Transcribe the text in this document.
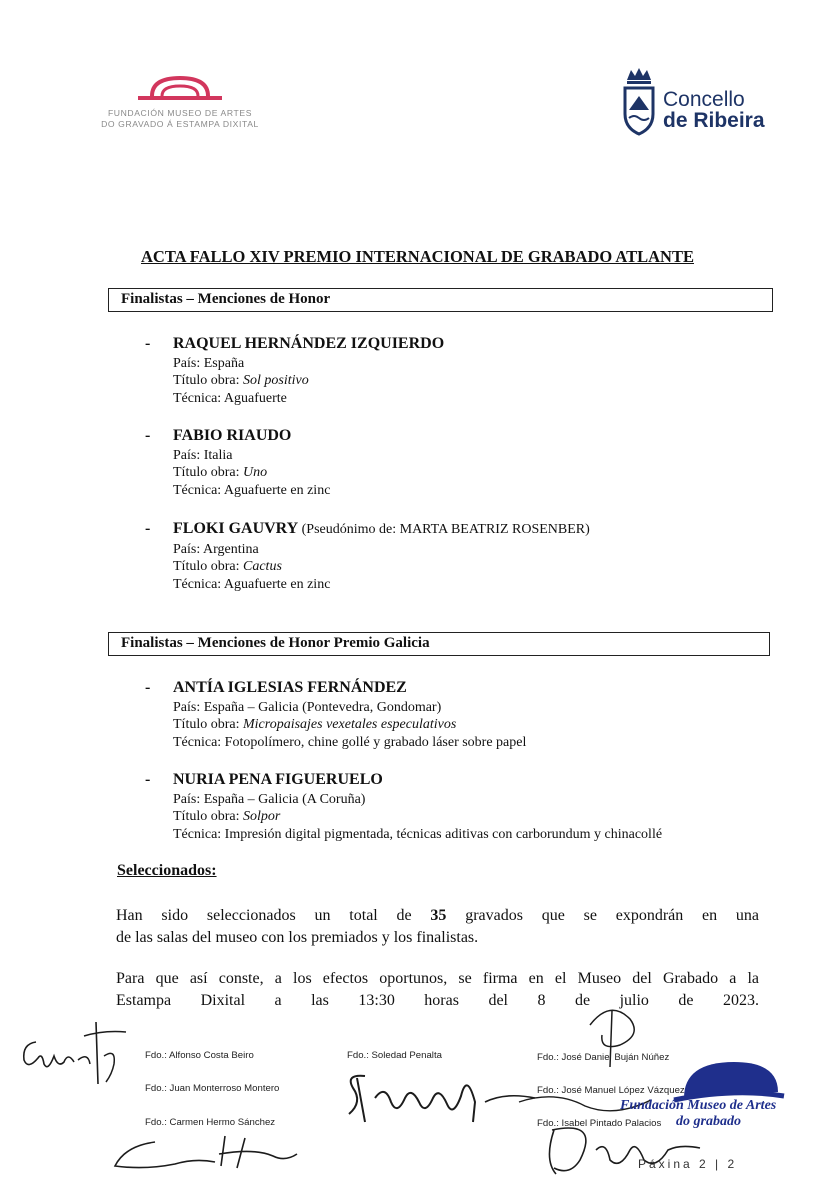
FUNDACIÓN MUSEO DE ARTES
DO GRAVADO Á ESTAMPA DIXITAL
Concello
de Ribeira
ACTA FALLO XIV PREMIO INTERNACIONAL DE GRABADO ATLANTE
Finalistas – Menciones de Honor
- RAQUEL HERNÁNDEZ IZQUIERDO
País: España
Título obra: Sol positivo
Técnica: Aguafuerte
- FABIO RIAUDO
País: Italia
Título obra: Uno
Técnica: Aguafuerte en zinc
- FLOKI GAUVRY (Pseudónimo de: MARTA BEATRIZ ROSENBER)
País: Argentina
Título obra: Cactus
Técnica: Aguafuerte en zinc
Finalistas – Menciones de Honor Premio Galicia
- ANTÍA IGLESIAS FERNÁNDEZ
País: España – Galicia (Pontevedra, Gondomar)
Título obra: Micropaisajes vexetales especulativos
Técnica: Fotopolímero, chine gollé y grabado láser sobre papel
- NURIA PENA FIGUERUELO
País: España – Galicia (A Coruña)
Título obra: Solpor
Técnica: Impresión digital pigmentada, técnicas aditivas con carborundum y chinacollé
Seleccionados:
Han sido seleccionados un total de 35 gravados que se expondrán en una
de las salas del museo con los premiados y los finalistas.
Para que así conste, a los efectos oportunos, se firma en el Museo del Grabado a la
Estampa Dixital a las 13:30 horas del 8 de julio de 2023.
Fdo.: Alfonso Costa Beiro
Fdo.: Juan Monterroso Montero
Fdo.: Carmen Hermo Sánchez
Fdo.: Soledad Penalta	Fdo.: José Daniel Buján Núñez
Fdo.: José Manuel López Vázquez
Fdo.: Isabel Pintado Palacios
Fundación Museo de Artes
do grabado
Páxina 2 | 2
